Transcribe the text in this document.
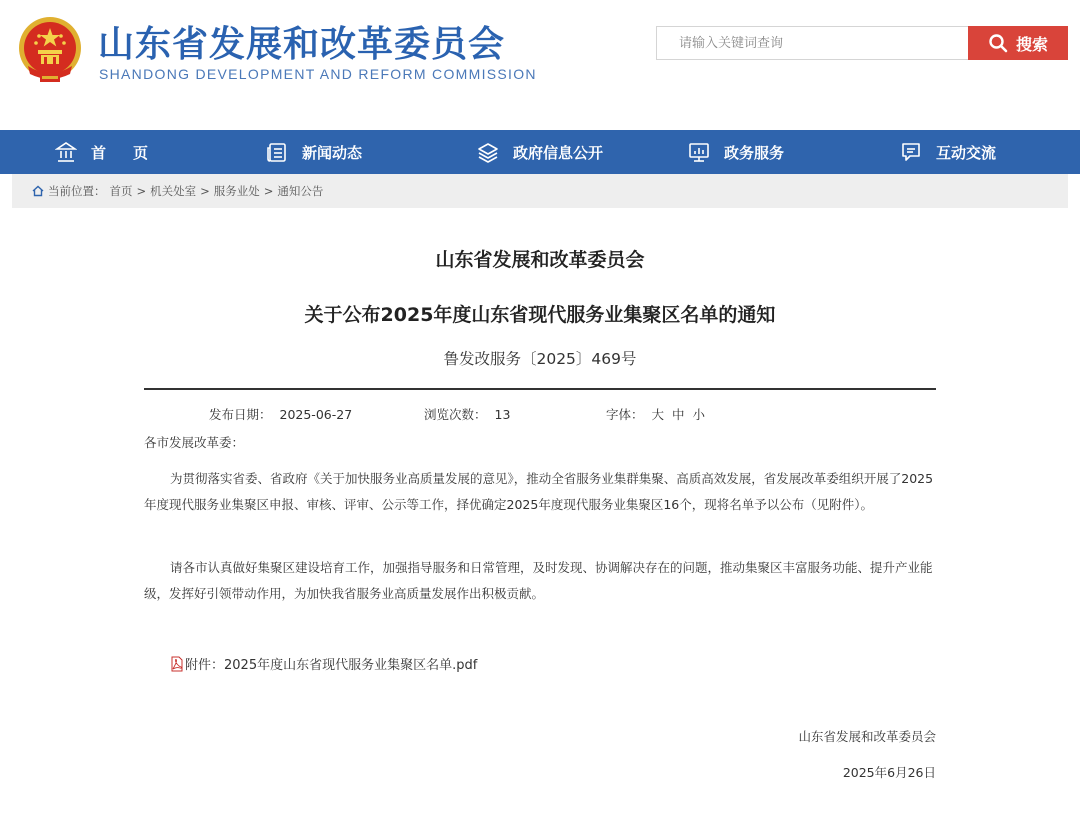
山东省发展和改革委员会
SHANDONG DEVELOPMENT AND REFORM COMMISSION
请输入关键词查询
搜索
首　页	新闻动态	政府信息公开	政务服务	互动交流
当前位置： 首页 > 机关处室 > 服务业处 > 通知公告
山东省发展和改革委员会
关于公布2025年度山东省现代服务业集聚区名单的通知
鲁发改服务〔2025〕469号
发布日期： 2025-06-27	浏览次数： 13	字体： 大 中 小

各市发展改革委：

为贯彻落实省委、省政府《关于加快服务业高质量发展的意见》，推动全省服务业集群集聚、高质高效发展，省发展改革委组织开展了2025年度现代服务业集聚区申报、审核、评审、公示等工作，择优确定2025年度现代服务业集聚区16个，现将名单予以公布（见附件）。

请各市认真做好集聚区建设培育工作，加强指导服务和日常管理，及时发现、协调解决存在的问题，推动集聚区丰富服务功能、提升产业能级，发挥好引领带动作用，为加快我省服务业高质量发展作出积极贡献。

附件：2025年度山东省现代服务业集聚区名单.pdf
山东省发展和改革委员会
2025年6月26日
